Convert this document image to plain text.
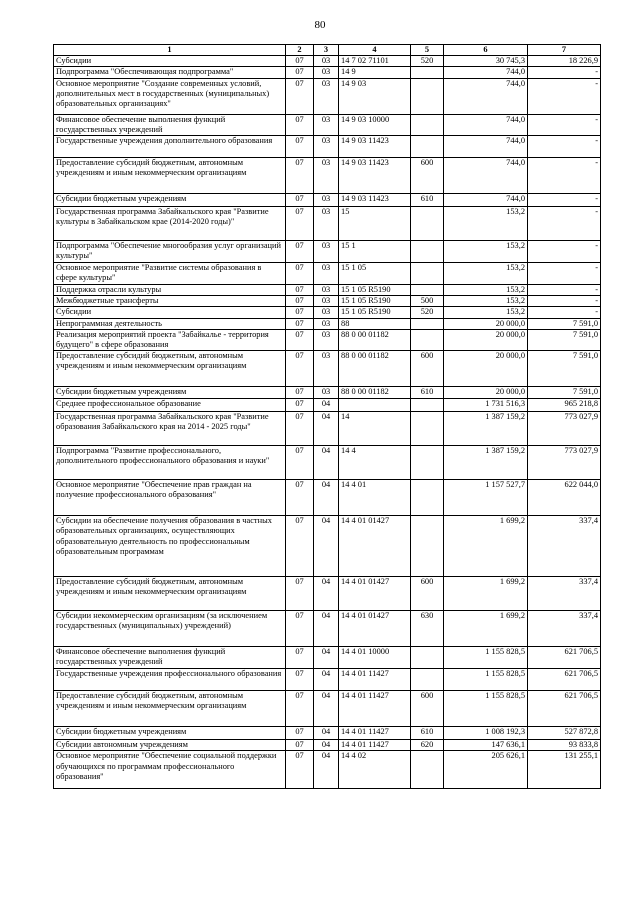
80
1	2	3	4	5	6	7
Субсидии	07	03	14 7 02 71101	520	30 745,3	18 226,9
Подпрограмма "Обеспечивающая подпрограмма"	07	03	14 9		744,0	-
Основное мероприятие "Создание современных условий, дополнительных мест в государственных (муниципальных) образовательных организациях"	07	03	14 9 03		744,0	-
Финансовое обеспечение выполнения функций государственных учреждений	07	03	14 9 03 10000		744,0	-
Государственные учреждения дополнительного образования	07	03	14 9 03 11423		744,0	-
Предоставление субсидий бюджетным, автономным учреждениям и иным некоммерческим организациям	07	03	14 9 03 11423	600	744,0	-
Субсидии бюджетным учреждениям	07	03	14 9 03 11423	610	744,0	-
Государственная программа Забайкальского края "Развитие культуры в Забайкальском крае (2014-2020 годы)"	07	03	15		153,2	-
Подпрограмма "Обеспечение многообразия услуг организаций культуры"	07	03	15 1		153,2	-
Основное мероприятие "Развитие системы образования в сфере культуры"	07	03	15 1 05		153,2	-
Поддержка отрасли культуры	07	03	15 1 05 R5190		153,2	-
Межбюджетные трансферты	07	03	15 1 05 R5190	500	153,2	-
Субсидии	07	03	15 1 05 R5190	520	153,2	-
Непрограммная деятельность	07	03	88		20 000,0	7 591,0
Реализация мероприятий проекта "Забайкалье - территория будущего" в сфере образования	07	03	88 0 00 01182		20 000,0	7 591,0
Предоставление субсидий бюджетным, автономным учреждениям и иным некоммерческим организациям	07	03	88 0 00 01182	600	20 000,0	7 591,0
Субсидии бюджетным учреждениям	07	03	88 0 00 01182	610	20 000,0	7 591,0
Среднее профессиональное образование	07	04			1 731 516,3	965 218,8
Государственная программа Забайкальского края "Развитие образования Забайкальского края на 2014 - 2025 годы"	07	04	14		1 387 159,2	773 027,9
Подпрограмма "Развитие профессионального, дополнительного профессионального образования и науки"	07	04	14 4		1 387 159,2	773 027,9
Основное мероприятие "Обеспечение прав граждан на получение профессионального образования"	07	04	14 4 01		1 157 527,7	622 044,0
Субсидии на обеспечение получения образования в частных образовательных организациях, осуществляющих образовательную деятельность по профессиональным образовательным программам	07	04	14 4 01 01427		1 699,2	337,4
Предоставление субсидий бюджетным, автономным учреждениям и иным некоммерческим организациям	07	04	14 4 01 01427	600	1 699,2	337,4
Субсидии некоммерческим организациям (за исключением государственных (муниципальных) учреждений)	07	04	14 4 01 01427	630	1 699,2	337,4
Финансовое обеспечение выполнения функций государственных учреждений	07	04	14 4 01 10000		1 155 828,5	621 706,5
Государственные учреждения профессионального образования	07	04	14 4 01 11427		1 155 828,5	621 706,5
Предоставление субсидий бюджетным, автономным учреждениям и иным некоммерческим организациям	07	04	14 4 01 11427	600	1 155 828,5	621 706,5
Субсидии бюджетным учреждениям	07	04	14 4 01 11427	610	1 008 192,3	527 872,8
Субсидии автономным учреждениям	07	04	14 4 01 11427	620	147 636,1	93 833,8
Основное мероприятие "Обеспечение социальной поддержки обучающихся по программам профессионального образования"	07	04	14 4 02		205 626,1	131 255,1
